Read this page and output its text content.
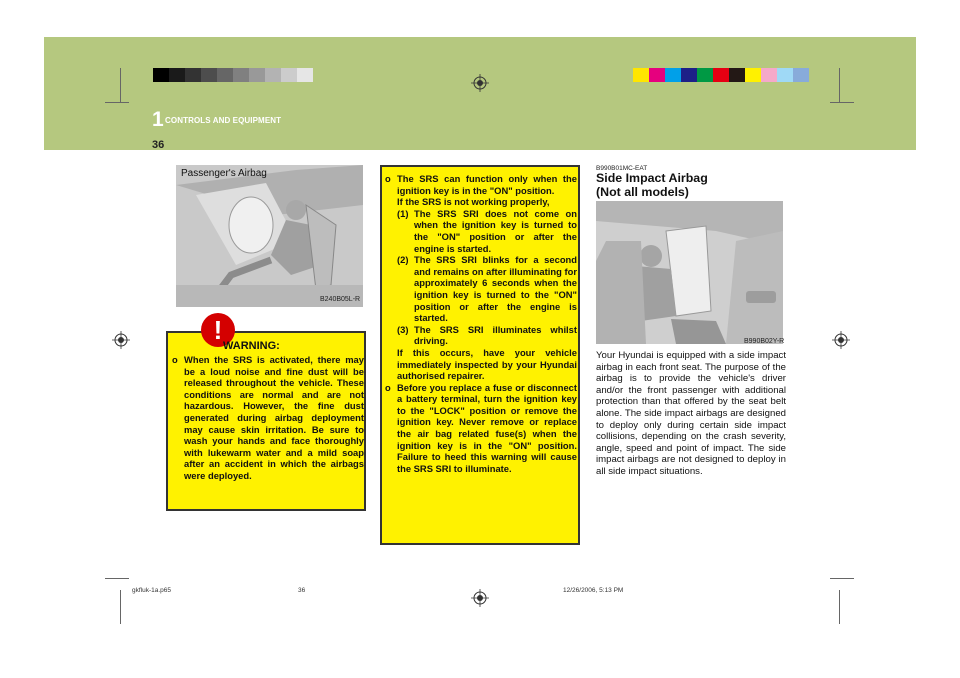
1 CONTROLS AND EQUIPMENT
36
Passenger's Airbag
B240B05L-R
!
WARNING:
o When the SRS is activated, there may be a loud noise and fine dust will be released throughout the vehicle. These conditions are normal and are not hazardous. However, the fine dust generated during airbag deployment may cause skin irritation. Be sure to wash your hands and face thoroughly with lukewarm water and a mild soap after an accident in which the airbags were deployed.
o The SRS can function only when the ignition key is in the "ON" position.
If the SRS is not working properly,
(1) The SRS SRI does not come on when the ignition key is turned to the "ON" position or after the engine is started.
(2) The SRS SRI blinks for a second and remains on after illuminating for approximately 6 seconds when the ignition key is turned to the "ON" position or after the engine is started.
(3) The SRS SRI illuminates whilst driving.
If this occurs, have your vehicle immediately inspected by your Hyundai authorised repairer.
o Before you replace a fuse or disconnect a battery terminal, turn the ignition key to the "LOCK" position or remove the ignition key. Never remove or replace the air bag related fuse(s) when the ignition key is in the "ON" position. Failure to heed this warning will cause the SRS SRI to illuminate.
B990B01MC-EAT
Side Impact Airbag
(Not all models)
B990B02Y-R
Your Hyundai is equipped with a side impact airbag in each front seat. The purpose of the airbag is to provide the vehicle's driver and/or the front passenger with additional protection than that offered by the seat belt alone. The side impact airbags are designed to deploy only during certain side impact collisions, depending on the crash severity, angle, speed and point of impact. The side impact airbags are not designed to deploy in all side impact situations.
gkfluk-1a.p65	36	12/26/2006, 5:13 PM
